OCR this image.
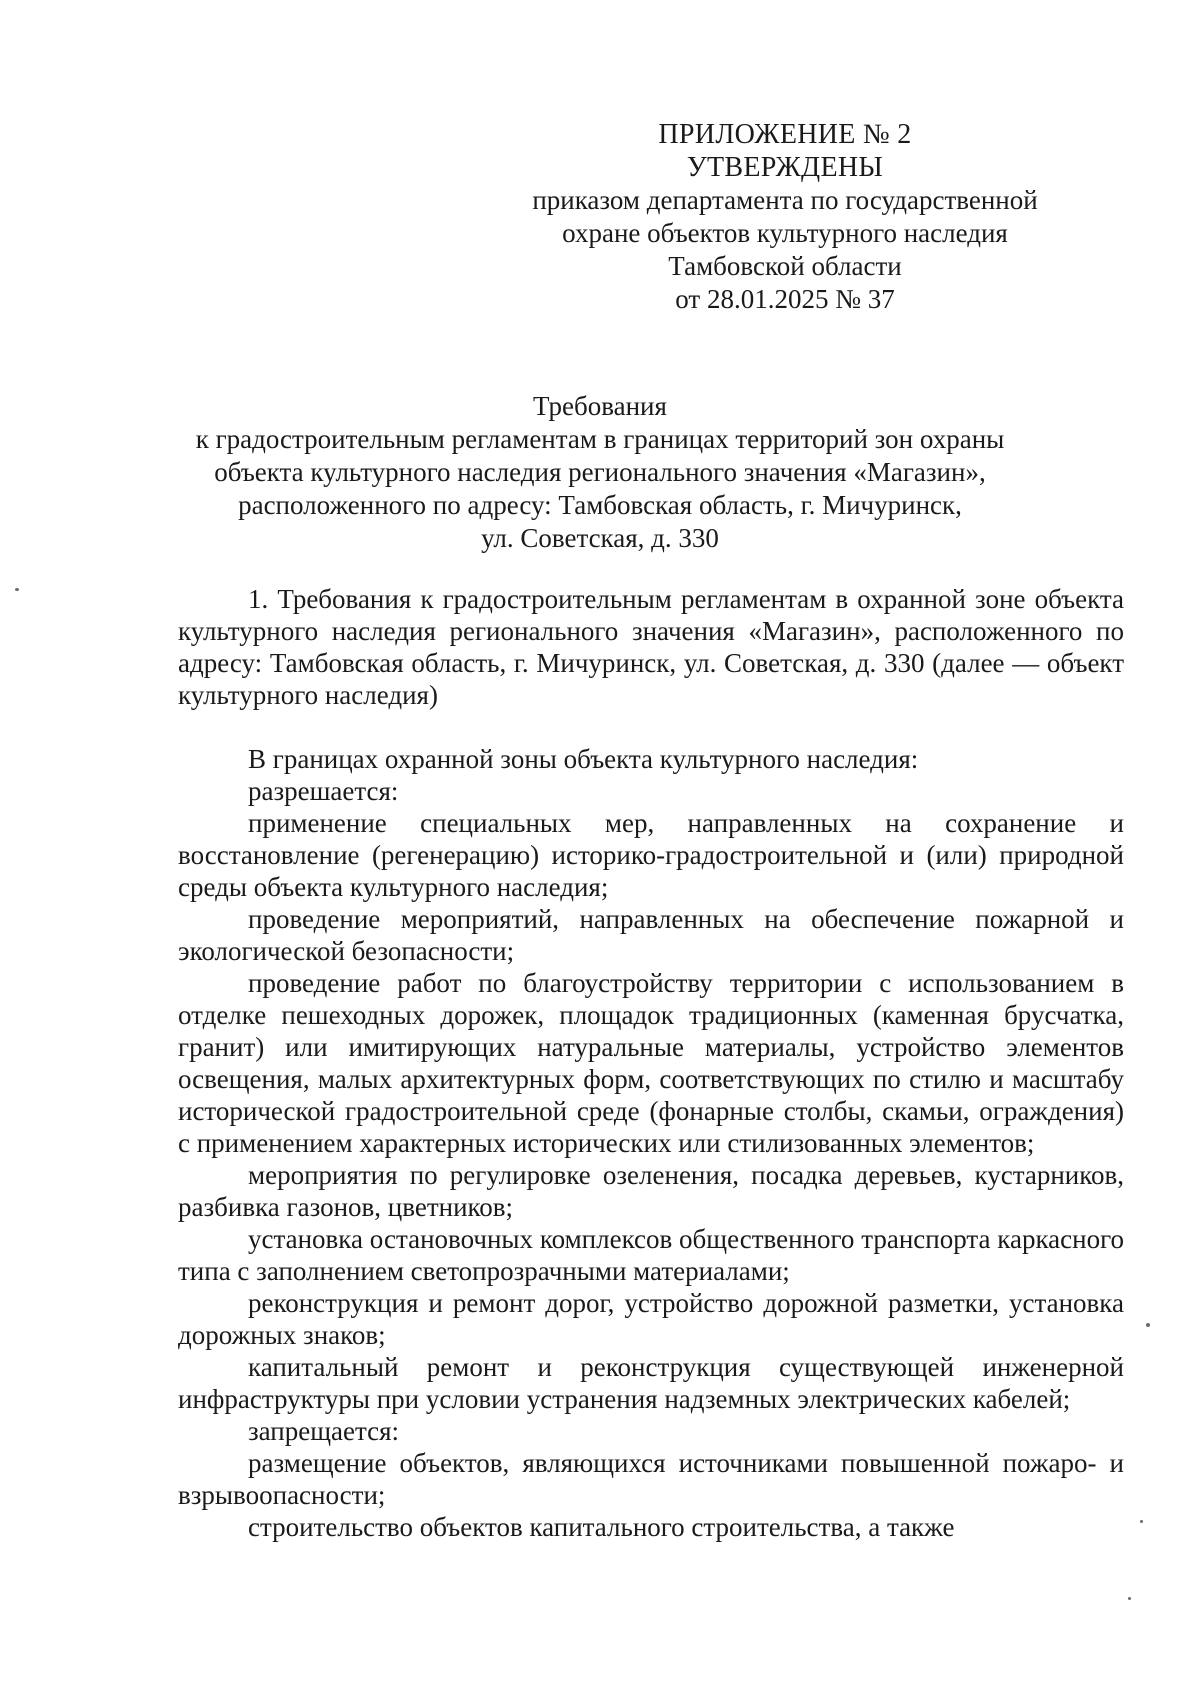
ПРИЛОЖЕНИЕ № 2
УТВЕРЖДЕНЫ
приказом департамента по государственной
охране объектов культурного наследия
Тамбовской области
от 28.01.2025 № 37
Требования
к градостроительным регламентам в границах территорий зон охраны
объекта культурного наследия регионального значения «Магазин»,
расположенного по адресу: Тамбовская область, г. Мичуринск,
ул. Советская, д. 330

1. Требования к градостроительным регламентам в охранной зоне объекта культурного наследия регионального значения «Магазин», расположенного по адресу: Тамбовская область, г. Мичуринск, ул. Советская, д. 330 (далее — объект культурного наследия)

В границах охранной зоны объекта культурного наследия:

разрешается:

применение специальных мер, направленных на сохранение и восстановление (регенерацию) историко-градостроительной и (или) природной среды объекта культурного наследия;

проведение мероприятий, направленных на обеспечение пожарной и экологической безопасности;

проведение работ по благоустройству территории с использованием в отделке пешеходных дорожек, площадок традиционных (каменная брусчатка, гранит) или имитирующих натуральные материалы, устройство элементов освещения, малых архитектурных форм, соответствующих по стилю и масштабу исторической градостроительной среде (фонарные столбы, скамьи, ограждения) с применением характерных исторических или стилизованных элементов;

мероприятия по регулировке озеленения, посадка деревьев, кустарников, разбивка газонов, цветников;

установка остановочных комплексов общественного транспорта каркасного типа с заполнением светопрозрачными материалами;

реконструкция и ремонт дорог, устройство дорожной разметки, установка дорожных знаков;

капитальный ремонт и реконструкция существующей инженерной инфраструктуры при условии устранения надземных электрических кабелей;

запрещается:

размещение объектов, являющихся источниками повышенной пожаро- и взрывоопасности;

строительство объектов капитального строительства, а также
